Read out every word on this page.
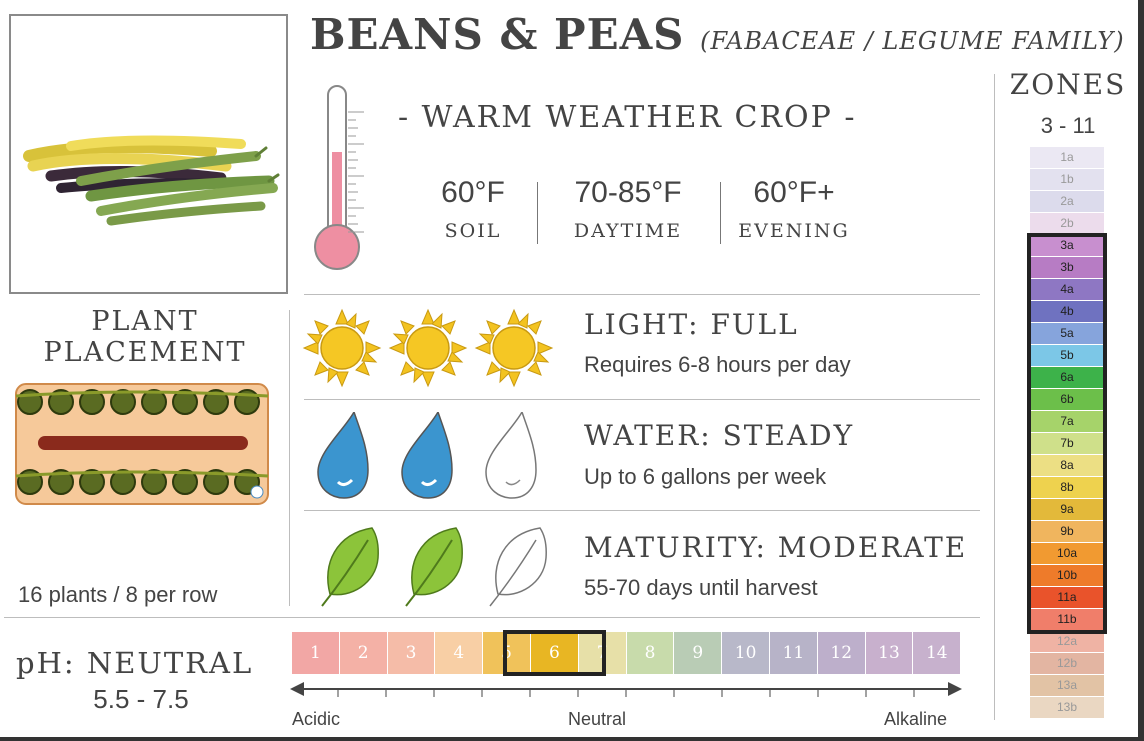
BEANS & PEAS (FABACEAE / LEGUME FAMILY)
- WARM WEATHER CROP -
60°F
SOIL
70-85°F
DAYTIME
60°F+
EVENING
LIGHT: FULL
Requires 6-8 hours per day
WATER: STEADY
Up to 6 gallons per week
MATURITY: MODERATE
55-70 days until harvest
PLANT
PLACEMENT
16 plants / 8 per row
ZONES
3 - 11
1a
1b
2a
2b
3a
3b
4a
4b
5a
5b
6a
6b
7a
7b
8a
8b
9a
9b
10a
10b
11a
11b
12a
12b
13a
13b
pH: NEUTRAL
5.5 - 7.5
1	2	3	4	5	6	7	8	9	10	11	12	13	14
Acidic	Neutral	Alkaline
